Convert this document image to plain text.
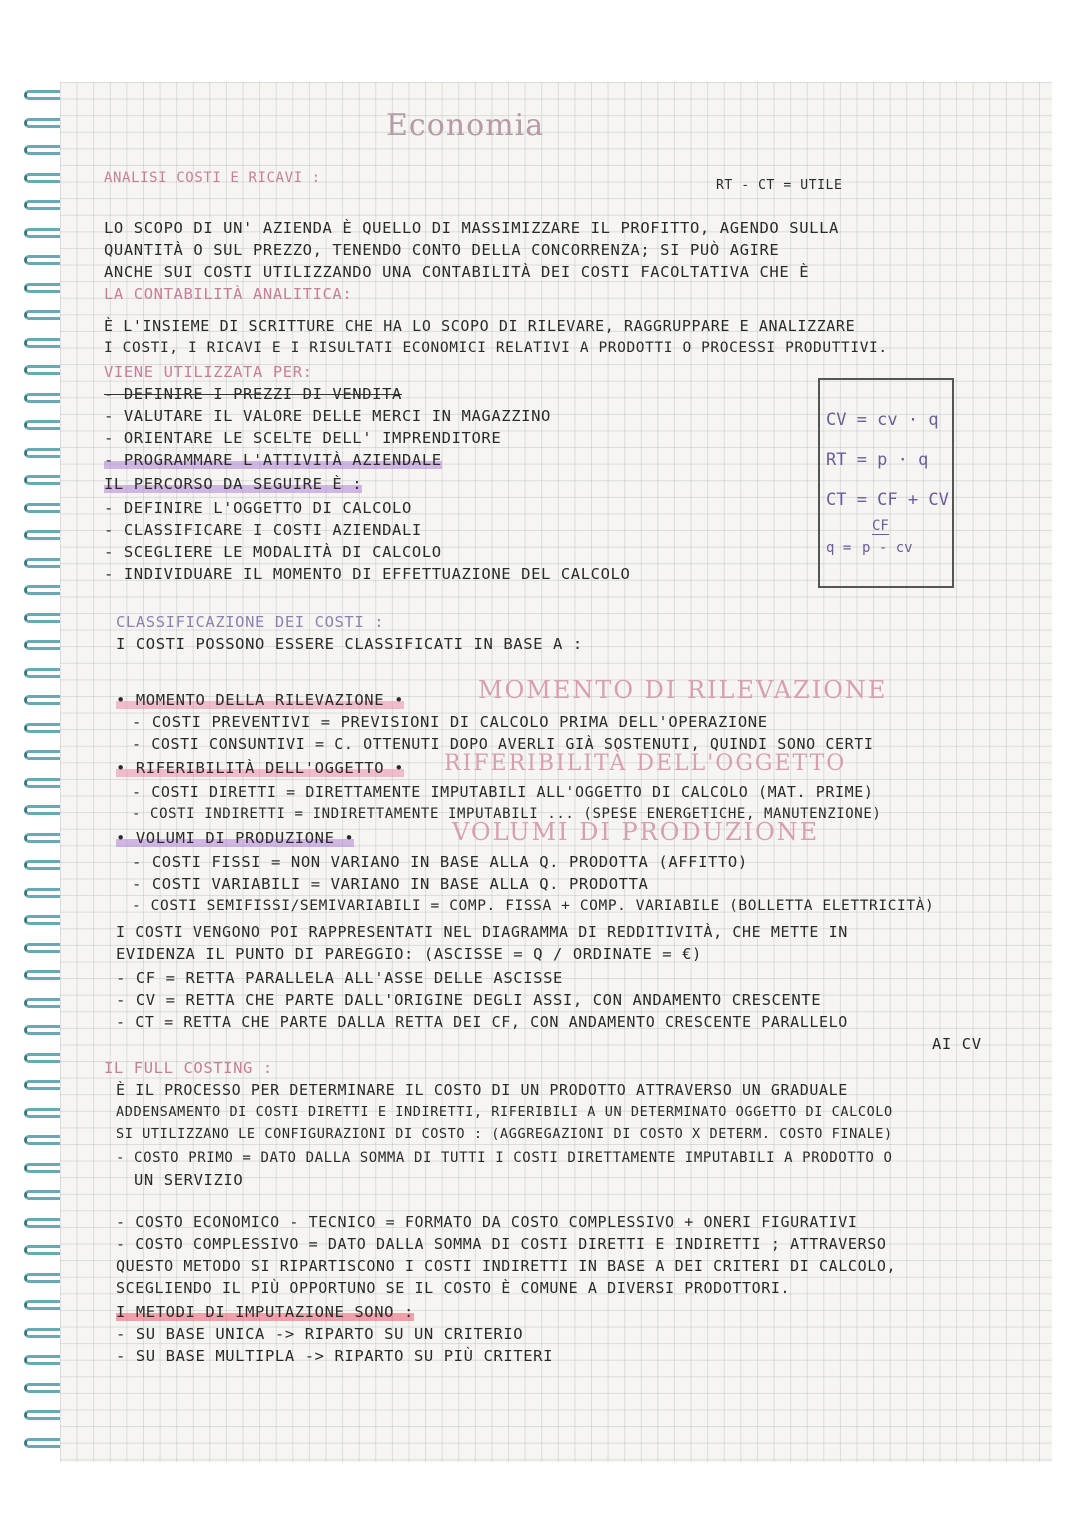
Economia
RT - CT = UTILE
ANALISI COSTI E RICAVI :
LO SCOPO DI UN' AZIENDA È QUELLO DI MASSIMIZZARE IL PROFITTO, AGENDO SULLA
QUANTITÀ O SUL PREZZO, TENENDO CONTO DELLA CONCORRENZA; SI PUÒ AGIRE
ANCHE SUI COSTI UTILIZZANDO UNA CONTABILITÀ DEI COSTI FACOLTATIVA CHE È
LA CONTABILITÀ ANALITICA:
È L'INSIEME DI SCRITTURE CHE HA LO SCOPO DI RILEVARE, RAGGRUPPARE E ANALIZZARE
I COSTI, I RICAVI E I RISULTATI ECONOMICI RELATIVI A PRODOTTI O PROCESSI PRODUTTIVI.
VIENE UTILIZZATA PER:
- DEFINIRE I PREZZI DI VENDITA
- VALUTARE IL VALORE DELLE MERCI IN MAGAZZINO
- ORIENTARE LE SCELTE DELL' IMPRENDITORE
- PROGRAMMARE L'ATTIVITÀ AZIENDALE
IL PERCORSO DA SEGUIRE È :
- DEFINIRE L'OGGETTO DI CALCOLO
- CLASSIFICARE I COSTI AZIENDALI
- SCEGLIERE LE MODALITÀ DI CALCOLO
- INDIVIDUARE IL MOMENTO DI EFFETTUAZIONE DEL CALCOLO
CV = cv · q
RT = p · q
CT = CF + CV
CF
q = p - cv
CLASSIFICAZIONE DEI COSTI :
I COSTI POSSONO ESSERE CLASSIFICATI IN BASE A :
• MOMENTO DELLA RILEVAZIONE •	MOMENTO DI RILEVAZIONE
- COSTI PREVENTIVI = PREVISIONI DI CALCOLO PRIMA DELL'OPERAZIONE
- COSTI CONSUNTIVI = C. OTTENUTI DOPO AVERLI GIÀ SOSTENUTI, QUINDI SONO CERTI
• RIFERIBILITÀ DELL'OGGETTO • RIFERIBILITÀ DELL'OGGETTO
- COSTI DIRETTI = DIRETTAMENTE IMPUTABILI ALL'OGGETTO DI CALCOLO (MAT. PRIME)
- COSTI INDIRETTI = INDIRETTAMENTE IMPUTABILI ... (SPESE ENERGETICHE, MANUTENZIONE)
• VOLUMI DI PRODUZIONE •	VOLUMI DI PRODUZIONE
- COSTI FISSI = NON VARIANO IN BASE ALLA Q. PRODOTTA (AFFITTO)
- COSTI VARIABILI = VARIANO IN BASE ALLA Q. PRODOTTA
- COSTI SEMIFISSI/SEMIVARIABILI = COMP. FISSA + COMP. VARIABILE (BOLLETTA ELETTRICITÀ)
I COSTI VENGONO POI RAPPRESENTATI NEL DIAGRAMMA DI REDDITIVITÀ, CHE METTE IN
EVIDENZA IL PUNTO DI PAREGGIO: (ASCISSE = Q / ORDINATE = €)
- CF = RETTA PARALLELA ALL'ASSE DELLE ASCISSE
- CV = RETTA CHE PARTE DALL'ORIGINE DEGLI ASSI, CON ANDAMENTO CRESCENTE
- CT = RETTA CHE PARTE DALLA RETTA DEI CF, CON ANDAMENTO CRESCENTE PARALLELO
AI CV
IL FULL COSTING :
È IL PROCESSO PER DETERMINARE IL COSTO DI UN PRODOTTO ATTRAVERSO UN GRADUALE
ADDENSAMENTO DI COSTI DIRETTI E INDIRETTI, RIFERIBILI A UN DETERMINATO OGGETTO DI CALCOLO
SI UTILIZZANO LE CONFIGURAZIONI DI COSTO : (AGGREGAZIONI DI COSTO X DETERM. COSTO FINALE)
- COSTO PRIMO = DATO DALLA SOMMA DI TUTTI I COSTI DIRETTAMENTE IMPUTABILI A PRODOTTO O
UN SERVIZIO
- COSTO ECONOMICO - TECNICO = FORMATO DA COSTO COMPLESSIVO + ONERI FIGURATIVI
- COSTO COMPLESSIVO = DATO DALLA SOMMA DI COSTI DIRETTI E INDIRETTI ; ATTRAVERSO
QUESTO METODO SI RIPARTISCONO I COSTI INDIRETTI IN BASE A DEI CRITERI DI CALCOLO,
SCEGLIENDO IL PIÙ OPPORTUNO SE IL COSTO È COMUNE A DIVERSI PRODOTTORI.
I METODI DI IMPUTAZIONE SONO :
- SU BASE UNICA -> RIPARTO SU UN CRITERIO
- SU BASE MULTIPLA -> RIPARTO SU PIÙ CRITERI
